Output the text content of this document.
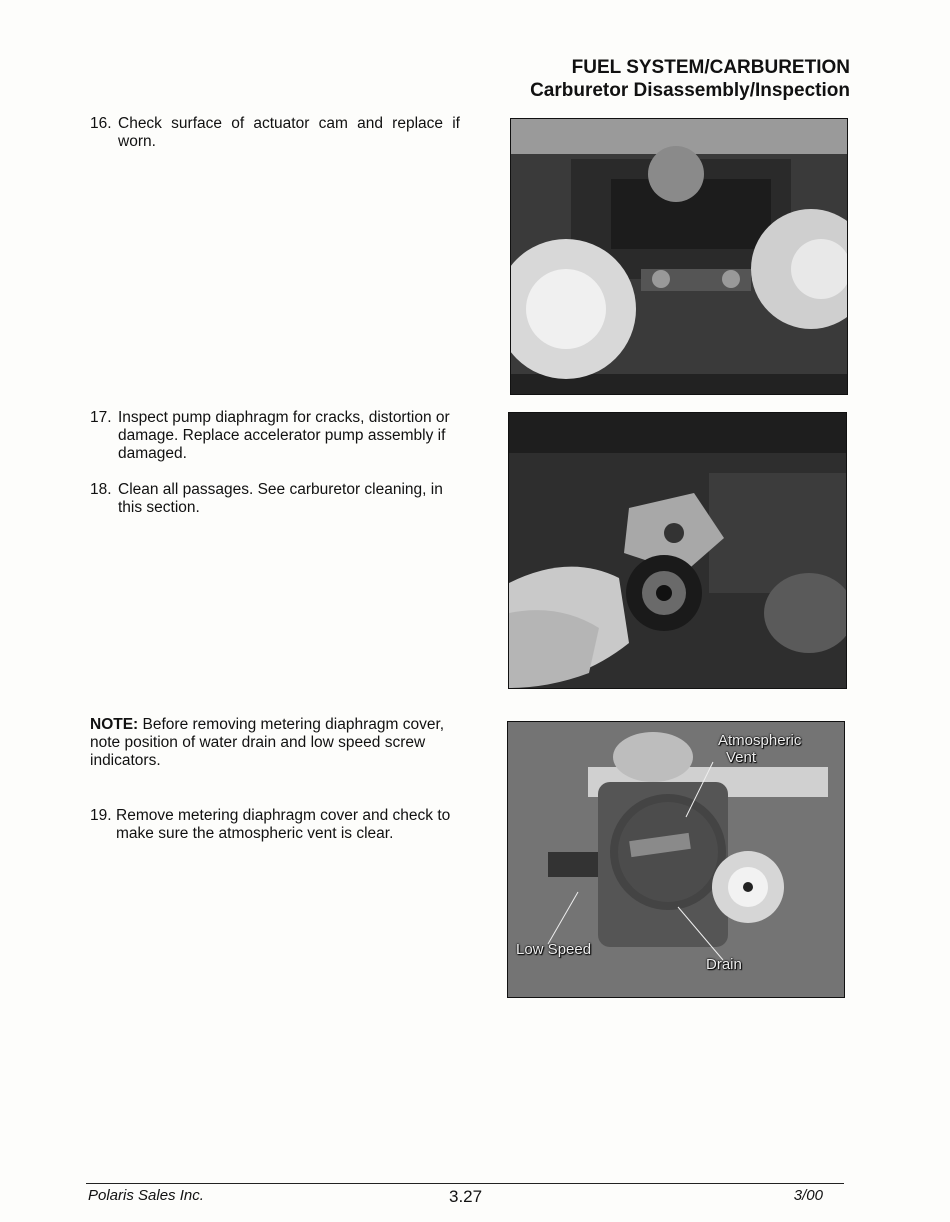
FUEL SYSTEM/CARBURETION
Carburetor Disassembly/Inspection
16. Check surface of actuator cam and replace if worn.
17. Inspect pump diaphragm for cracks, distortion or damage. Replace accelerator pump assembly if damaged.
18. Clean all passages. See carburetor cleaning, in this section.
NOTE: Before removing metering diaphragm cover, note position of water drain and low speed screw indicators.
19. Remove metering diaphragm cover and check to make sure the atmospheric vent is clear.
Atmospheric
Vent
Low Speed
Drain
Polaris Sales Inc.	3.27	3/00
